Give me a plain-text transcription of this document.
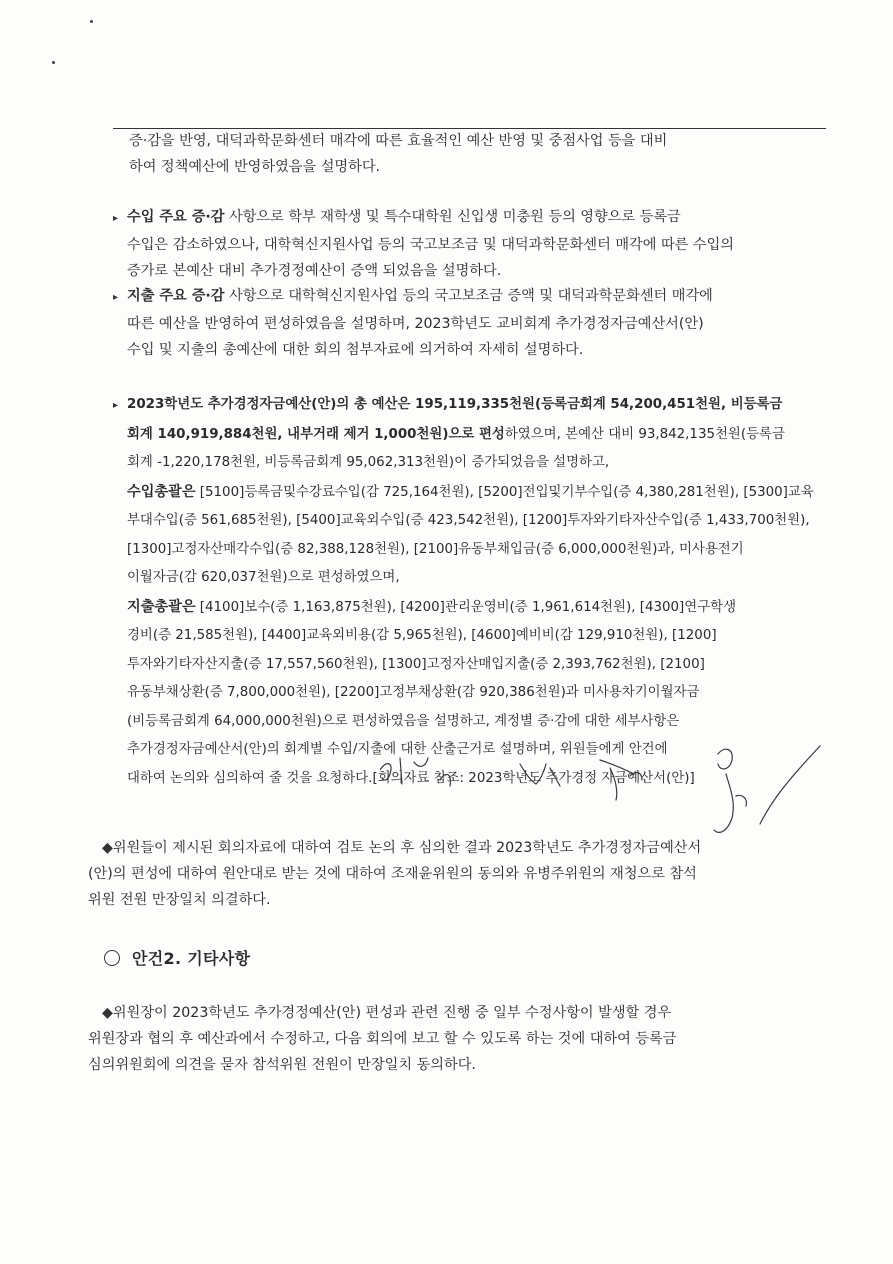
증·감을 반영, 대덕과학문화센터 매각에 따른 효율적인 예산 반영 및 중점사업 등을 대비
하여 정책예산에 반영하였음을 설명하다.
▸ 수입 주요 증·감 사항으로 학부 재학생 및 특수대학원 신입생 미충원 등의 영향으로 등록금
수입은 감소하였으나, 대학혁신지원사업 등의 국고보조금 및 대덕과학문화센터 매각에 따른 수입의
증가로 본예산 대비 추가경정예산이 증액 되었음을 설명하다.
▸ 지출 주요 증·감 사항으로 대학혁신지원사업 등의 국고보조금 증액 및 대덕과학문화센터 매각에
따른 예산을 반영하여 편성하였음을 설명하며, 2023학년도 교비회계 추가경정자금예산서(안)
수입 및 지출의 총예산에 대한 회의 첨부자료에 의거하여 자세히 설명하다.
▸ 2023학년도 추가경정자금예산(안)의 총 예산은 195,119,335천원(등록금회계 54,200,451천원, 비등록금
회계 140,919,884천원, 내부거래 제거 1,000천원)으로 편성하였으며, 본예산 대비 93,842,135천원(등록금
회계 -1,220,178천원, 비등록금회계 95,062,313천원)이 증가되었음을 설명하고,
수입총괄은 [5100]등록금및수강료수입(감 725,164천원), [5200]전입및기부수입(증 4,380,281천원), [5300]교육
부대수입(증 561,685천원), [5400]교육외수입(증 423,542천원), [1200]투자와기타자산수입(증 1,433,700천원),
[1300]고정자산매각수입(증 82,388,128천원), [2100]유동부채입금(증 6,000,000천원)과, 미사용전기
이월자금(감 620,037천원)으로 편성하였으며,
지출총괄은 [4100]보수(증 1,163,875천원), [4200]관리운영비(증 1,961,614천원), [4300]연구학생
경비(증 21,585천원), [4400]교육외비용(감 5,965천원), [4600]예비비(감 129,910천원), [1200]
투자와기타자산지출(증 17,557,560천원), [1300]고정자산매입지출(증 2,393,762천원), [2100]
유동부채상환(증 7,800,000천원), [2200]고정부채상환(감 920,386천원)과 미사용차기이월자금
(비등록금회계 64,000,000천원)으로 편성하였음을 설명하고, 계정별 증·감에 대한 세부사항은
추가경정자금예산서(안)의 회계별 수입/지출에 대한 산출근거로 설명하며, 위원들에게 안건에
대하여 논의와 심의하여 줄 것을 요청하다.[회의자료 참조: 2023학년도 추가경정 자금예산서(안)]
◆위원들이 제시된 회의자료에 대하여 검토 논의 후 심의한 결과 2023학년도 추가경정자금예산서
(안)의 편성에 대하여 원안대로 받는 것에 대하여 조재윤위원의 동의와 유병주위원의 재청으로 참석
위원 전원 만장일치 의결하다.
안건2. 기타사항
◆위원장이 2023학년도 추가경정예산(안) 편성과 관련 진행 중 일부 수정사항이 발생할 경우
위원장과 협의 후 예산과에서 수정하고, 다음 회의에 보고 할 수 있도록 하는 것에 대하여 등록금
심의위원회에 의견을 묻자 참석위원 전원이 만장일치 동의하다.
